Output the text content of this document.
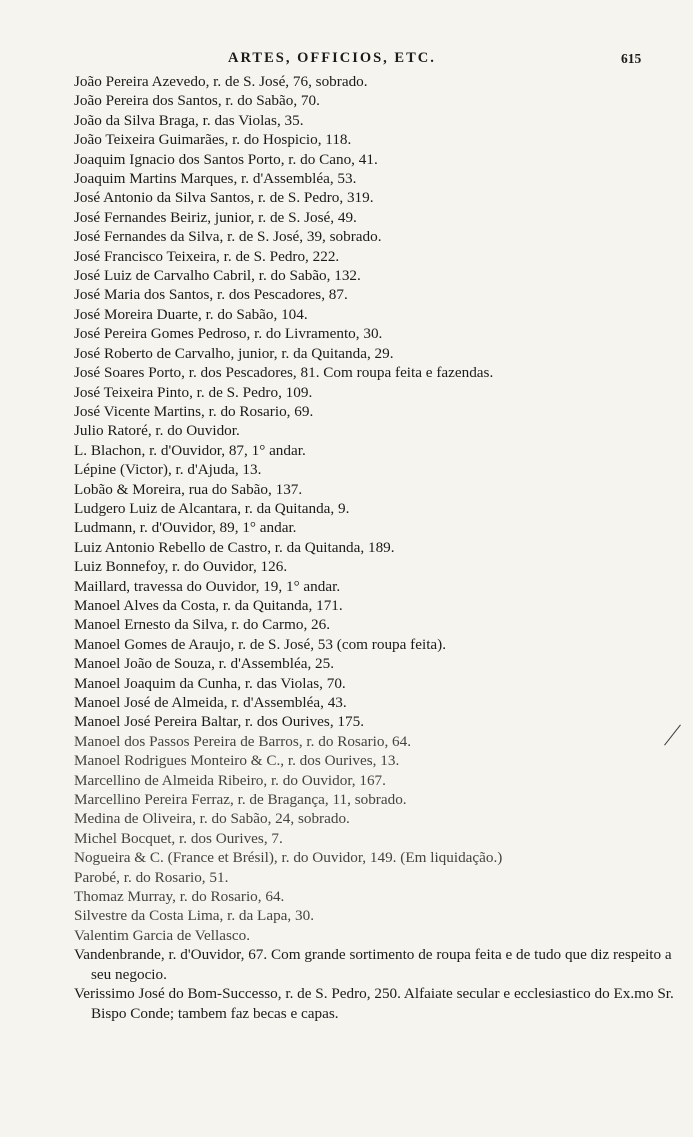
ARTES, OFFICIOS, ETC.	615
João Pereira Azevedo, r. de S. José, 76, sobrado.
João Pereira dos Santos, r. do Sabão, 70.
João da Silva Braga, r. das Violas, 35.
João Teixeira Guimarães, r. do Hospicio, 118.
Joaquim Ignacio dos Santos Porto, r. do Cano, 41.
Joaquim Martins Marques, r. d'Assembléa, 53.
José Antonio da Silva Santos, r. de S. Pedro, 319.
José Fernandes Beiriz, junior, r. de S. José, 49.
José Fernandes da Silva, r. de S. José, 39, sobrado.
José Francisco Teixeira, r. de S. Pedro, 222.
José Luiz de Carvalho Cabril, r. do Sabão, 132.
José Maria dos Santos, r. dos Pescadores, 87.
José Moreira Duarte, r. do Sabão, 104.
José Pereira Gomes Pedroso, r. do Livramento, 30.
José Roberto de Carvalho, junior, r. da Quitanda, 29.
José Soares Porto, r. dos Pescadores, 81. Com roupa feita e fazendas.
José Teixeira Pinto, r. de S. Pedro, 109.
José Vicente Martins, r. do Rosario, 69.
Julio Ratoré, r. do Ouvidor.
L. Blachon, r. d'Ouvidor, 87, 1° andar.
Lépine (Victor), r. d'Ajuda, 13.
Lobão & Moreira, rua do Sabão, 137.
Ludgero Luiz de Alcantara, r. da Quitanda, 9.
Ludmann, r. d'Ouvidor, 89, 1° andar.
Luiz Antonio Rebello de Castro, r. da Quitanda, 189.
Luiz Bonnefoy, r. do Ouvidor, 126.
Maillard, travessa do Ouvidor, 19, 1° andar.
Manoel Alves da Costa, r. da Quitanda, 171.
Manoel Ernesto da Silva, r. do Carmo, 26.
Manoel Gomes de Araujo, r. de S. José, 53 (com roupa feita).
Manoel João de Souza, r. d'Assembléa, 25.
Manoel Joaquim da Cunha, r. das Violas, 70.
Manoel José de Almeida, r. d'Assembléa, 43.
Manoel José Pereira Baltar, r. dos Ourives, 175.
Manoel dos Passos Pereira de Barros, r. do Rosario, 64.
Manoel Rodrigues Monteiro & C., r. dos Ourives, 13.
Marcellino de Almeida Ribeiro, r. do Ouvidor, 167.
Marcellino Pereira Ferraz, r. de Bragança, 11, sobrado.
Medina de Oliveira, r. do Sabão, 24, sobrado.
Michel Bocquet, r. dos Ourives, 7.
Nogueira & C. (France et Brésil), r. do Ouvidor, 149. (Em liquidação.)
Parobé, r. do Rosario, 51.
Thomaz Murray, r. do Rosario, 64.
Silvestre da Costa Lima, r. da Lapa, 30.
Valentim Garcia de Vellasco.
Vandenbrande, r. d'Ouvidor, 67. Com grande sortimento de roupa feita e de tudo que diz respeito a seu negocio.
Verissimo José do Bom-Successo, r. de S. Pedro, 250. Alfaiate secular e ecclesiastico do Ex.mo Sr. Bispo Conde; tambem faz becas e capas.
